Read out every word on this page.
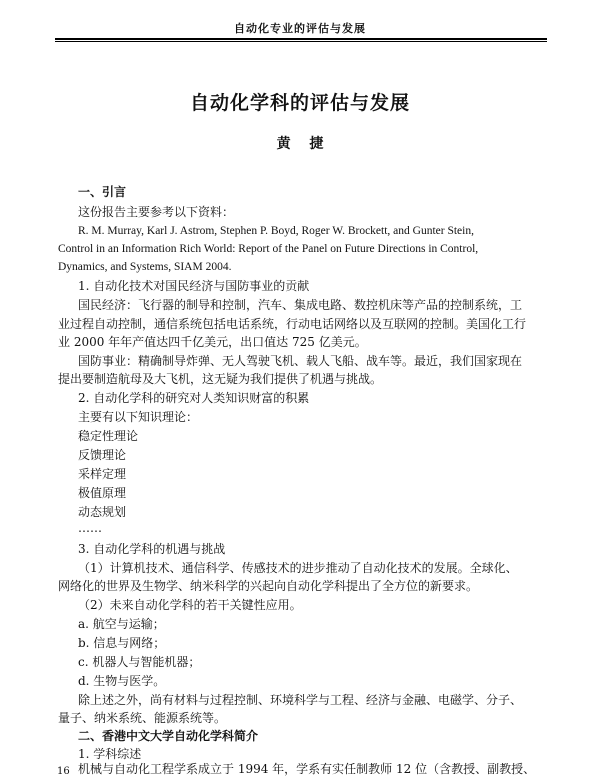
自动化专业的评估与发展
自动化学科的评估与发展
黄 捷
一、引言
这份报告主要参考以下资料：
R. M. Murray, Karl J. Astrom, Stephen P. Boyd, Roger W. Brockett, and Gunter Stein,
Control in an Information Rich World: Report of the Panel on Future Directions in Control,
Dynamics, and Systems, SIAM 2004.
1. 自动化技术对国民经济与国防事业的贡献
国民经济：飞行器的制导和控制，汽车、集成电路、数控机床等产品的控制系统，工
业过程自动控制，通信系统包括电话系统，行动电话网络以及互联网的控制。美国化工行
业 2000 年年产值达四千亿美元，出口值达 725 亿美元。
国防事业：精确制导炸弹、无人驾驶飞机、载人飞船、战车等。最近，我们国家现在
提出要制造航母及大飞机，这无疑为我们提供了机遇与挑战。
2. 自动化学科的研究对人类知识财富的积累
主要有以下知识理论：
稳定性理论
反馈理论
采样定理
极值原理
动态规划
……
3. 自动化学科的机遇与挑战
（1）计算机技术、通信科学、传感技术的进步推动了自动化技术的发展。全球化、
网络化的世界及生物学、纳米科学的兴起向自动化学科提出了全方位的新要求。
（2）未来自动化学科的若干关键性应用。
a. 航空与运输；
b. 信息与网络；
c. 机器人与智能机器；
d. 生物与医学。
除上述之外，尚有材料与过程控制、环境科学与工程、经济与金融、电磁学、分子、
量子、纳米系统、能源系统等。
二、香港中文大学自动化学科简介
1. 学科综述
机械与自动化工程学系成立于 1994 年，学系有实任制教师 12 位（含教授、副教授、
16
